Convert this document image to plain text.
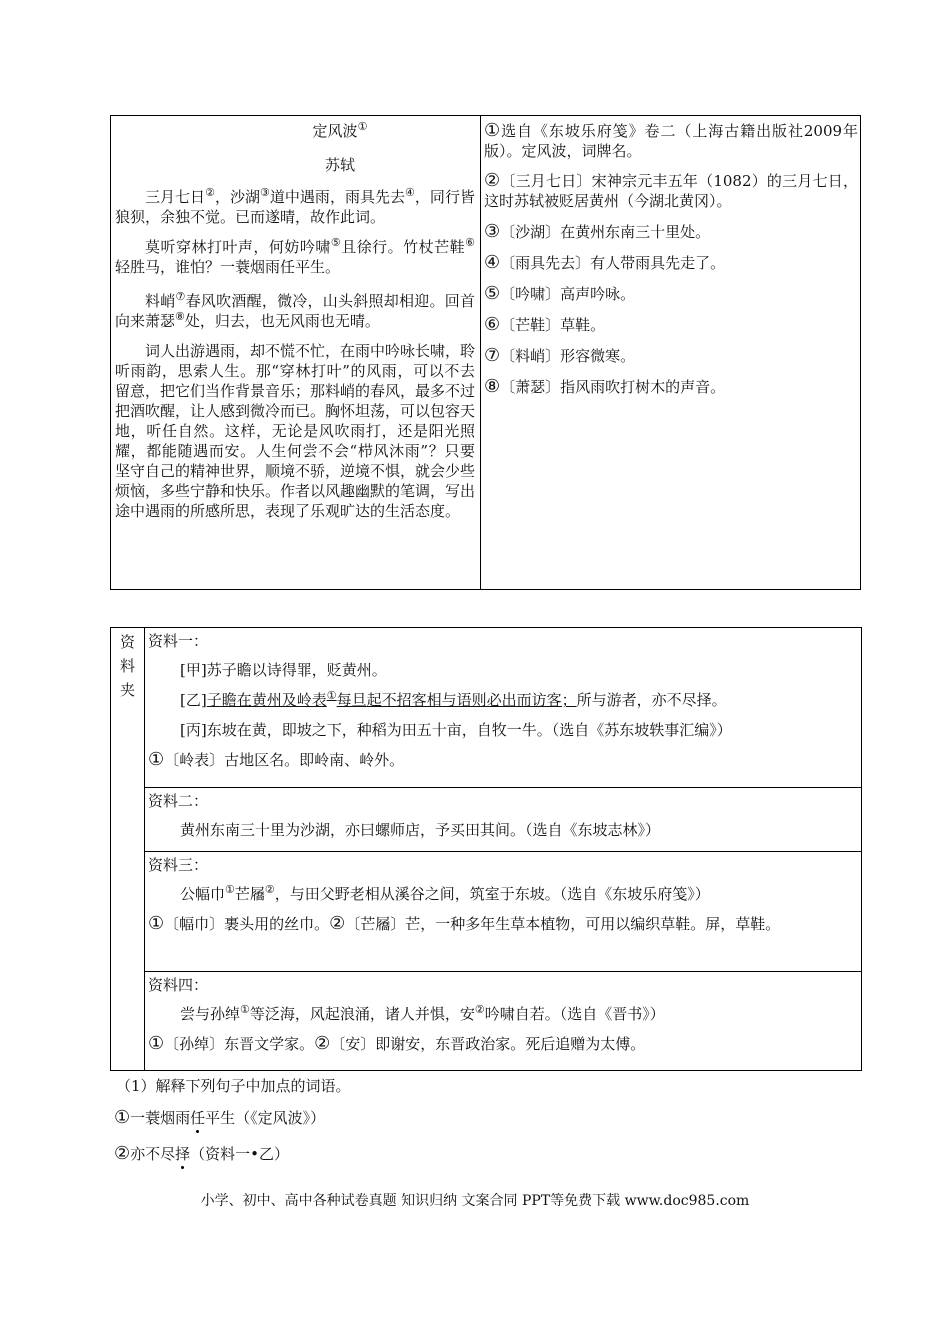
定风波①

苏轼

三月七日②，沙湖③道中遇雨，雨具先去④，同行皆狼狈，余独不觉。已而遂晴，故作此词。

莫听穿林打叶声，何妨吟啸⑤且徐行。竹杖芒鞋⑥轻胜马，谁怕？一蓑烟雨任平生。

料峭⑦春风吹酒醒，微冷，山头斜照却相迎。回首向来萧瑟⑧处，归去，也无风雨也无晴。

词人出游遇雨，却不慌不忙，在雨中吟咏长啸，聆听雨韵，思索人生。那“穿林打叶”的风雨，可以不去留意，把它们当作背景音乐；那料峭的春风，最多不过把酒吹醒，让人感到微冷而已。胸怀坦荡，可以包容天地，听任自然。这样，无论是风吹雨打，还是阳光照耀，都能随遇而安。人生何尝不会“栉风沐雨”？只要坚守自己的精神世界，顺境不骄，逆境不惧，就会少些烦恼，多些宁静和快乐。作者以风趣幽默的笔调，写出途中遇雨的所感所思，表现了乐观旷达的生活态度。

①选自《东坡乐府笺》卷二（上海古籍出版社2009年版）。定风波，词牌名。

②〔三月七日〕宋神宗元丰五年（1082）的三月七日，这时苏轼被贬居黄州（今湖北黄冈）。

③〔沙湖〕在黄州东南三十里处。

④〔雨具先去〕有人带雨具先走了。

⑤〔吟啸〕高声吟咏。

⑥〔芒鞋〕草鞋。

⑦〔料峭〕形容微寒。

⑧〔萧瑟〕指风雨吹打树木的声音。

资
料
夹

资料一：

[甲]苏子瞻以诗得罪，贬黄州。

[乙]子瞻在黄州及岭表①每旦起不招客相与语则必出而访客；所与游者，亦不尽择。

[丙]东坡在黄，即坡之下，种稻为田五十亩，自牧一牛。（选自《苏东坡轶事汇编》）

①〔岭表〕古地区名。即岭南、岭外。

资料二：

黄州东南三十里为沙湖，亦曰螺师店，予买田其间。（选自《东坡志林》）

资料三：

公幅巾①芒屩②，与田父野老相从溪谷之间，筑室于东坡。（选自《东坡乐府笺》）

①〔幅巾〕裹头用的丝巾。②〔芒屩〕芒，一种多年生草本植物，可用以编织草鞋。屏，草鞋。

资料四：

尝与孙绰①等泛海，风起浪涌，诸人并惧，安②吟啸自若。（选自《晋书》）

①〔孙绰〕东晋文学家。②〔安〕即谢安，东晋政治家。死后追赠为太傅。

（1）解释下列句子中加点的词语。

①一蓑烟雨任平生（《定风波》）

②亦不尽择（资料一•乙）

小学、初中、高中各种试卷真题 知识归纳 文案合同 PPT等免费下载 www.doc985.com
